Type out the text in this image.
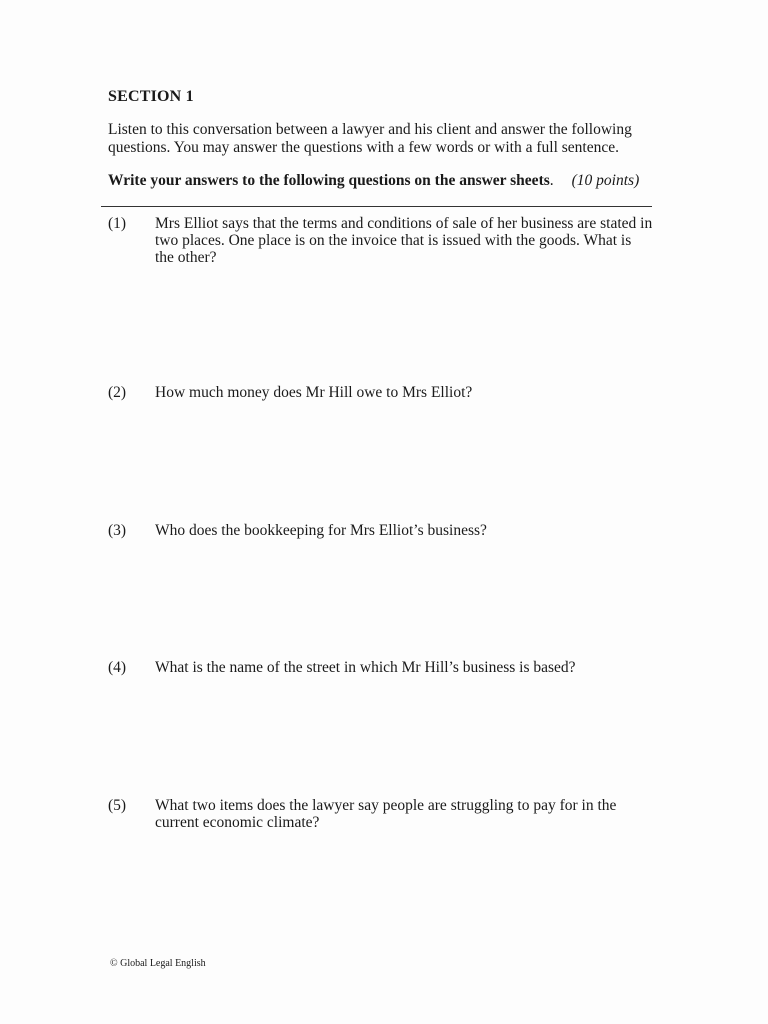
SECTION 1

Listen to this conversation between a lawyer and his client and answer the following questions. You may answer the questions with a few words or with a full sentence.

Write your answers to the following questions on the answer sheets. (10 points)

(1) Mrs Elliot says that the terms and conditions of sale of her business are stated in two places. One place is on the invoice that is issued with the goods. What is the other?

(2) How much money does Mr Hill owe to Mrs Elliot?

(3) Who does the bookkeeping for Mrs Elliot’s business?

(4) What is the name of the street in which Mr Hill’s business is based?

(5) What two items does the lawyer say people are struggling to pay for in the current economic climate?

© Global Legal English
